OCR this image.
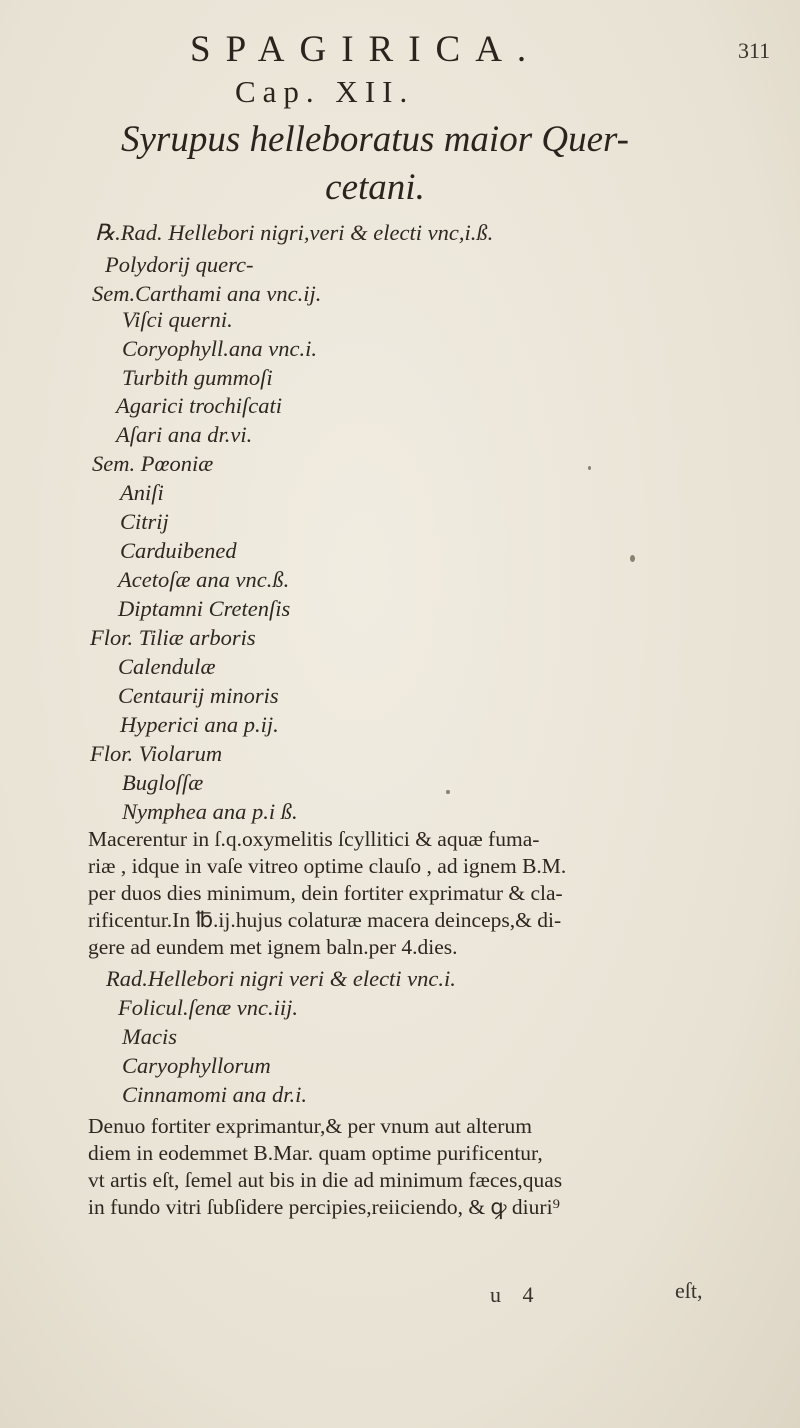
SPAGIRICA.	311
Cap. XII.
Syrupus helleboratus maior Quer-
cetani.
℞.Rad. Hellebori nigri,veri & electi vnc,i.ß.
Polydorij querc-
Sem.Carthami ana vnc.ij.
Viſci querni.
Coryophyll.ana vnc.i.
Turbith gummoſi
Agarici trochiſcati
Aſari ana dr.vi.
Sem. Pœoniæ
Aniſi
Citrij
Carduibened
Acetoſæ ana vnc.ß.
Diptamni Cretenſis
Flor. Tiliæ arboris
Calendulæ
Centaurij minoris
Hyperici ana p.ij.
Flor. Violarum
Bugloſſæ
Nymphea ana p.i ß.
Macerentur in ſ.q.oxymelitis ſcyllitici & aquæ fuma-
riæ , idque in vaſe vitreo optime clauſo , ad ignem B.M.
per duos dies minimum, dein fortiter exprimatur & cla-
rificentur.In ℔.ij.hujus colaturæ macera deinceps,& di-
gere ad eundem met ignem baln.per 4.dies.
Rad.Hellebori nigri veri & electi vnc.i.
Folicul.ſenæ vnc.iij.
Macis
Caryophyllorum
Cinnamomi ana dr.i.
Denuo fortiter exprimantur,& per vnum aut alterum
diem in eodemmet B.Mar. quam optime purificentur,
vt artis eſt, ſemel aut bis in die ad minimum fæces,quas
in fundo vitri ſubſidere percipies,reiiciendo, & ꝙ diuri⁹
u 4	eſt,
